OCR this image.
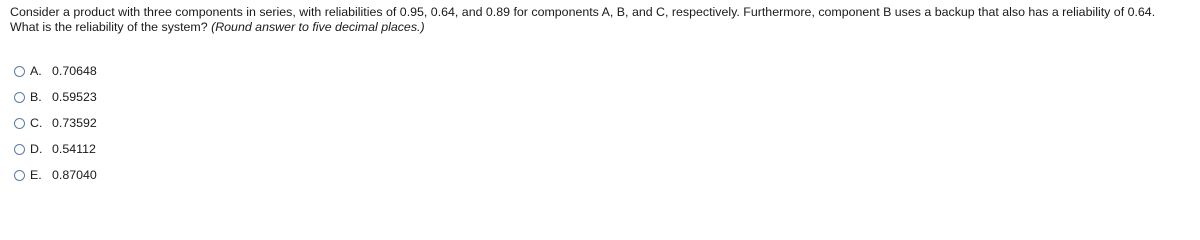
Consider a product with three components in series, with reliabilities of 0.95, 0.64, and 0.89 for components A, B, and C, respectively. Furthermore, component B uses a backup that also has a reliability of 0.64.
What is the reliability of the system? (Round answer to five decimal places.)
A. 0.70648
B. 0.59523
C. 0.73592
D. 0.54112
E. 0.87040
